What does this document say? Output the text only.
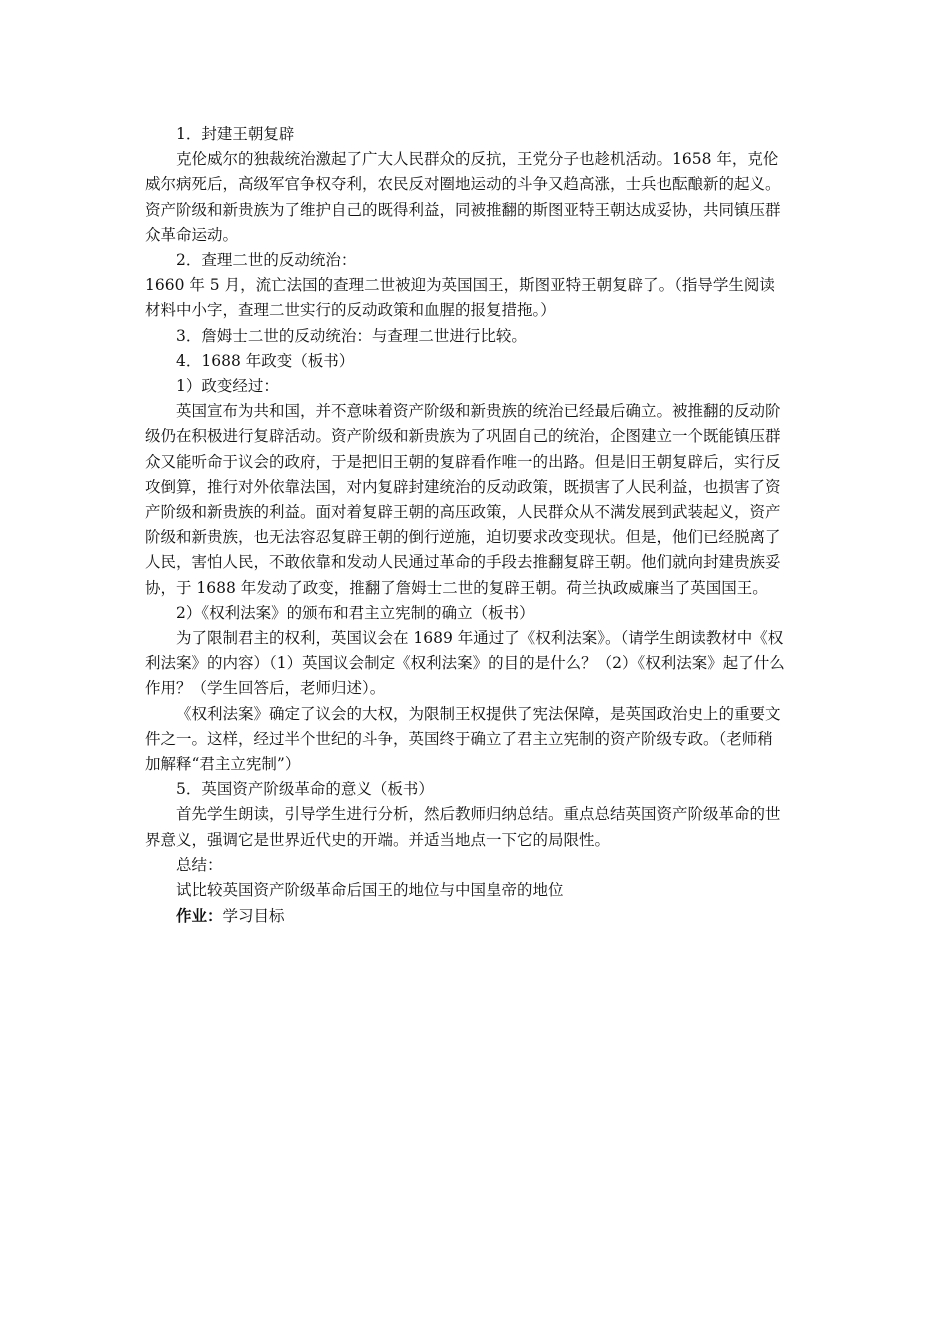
1．封建王朝复辟

克伦威尔的独裁统治激起了广大人民群众的反抗，王党分子也趁机活动。1658 年，克伦威尔病死后，高级军官争权夺利，农民反对圈地运动的斗争又趋高涨，士兵也酝酿新的起义。资产阶级和新贵族为了维护自己的既得利益，同被推翻的斯图亚特王朝达成妥协，共同镇压群众革命运动。

2．查理二世的反动统治：

1660 年 5 月，流亡法国的查理二世被迎为英国国王，斯图亚特王朝复辟了。（指导学生阅读材料中小字，查理二世实行的反动政策和血腥的报复措拖。）

3．詹姆士二世的反动统治：与查理二世进行比较。

4．1688 年政变（板书）

1）政变经过：

英国宣布为共和国，并不意味着资产阶级和新贵族的统治已经最后确立。被推翻的反动阶级仍在积极进行复辟活动。资产阶级和新贵族为了巩固自己的统治，企图建立一个既能镇压群众又能听命于议会的政府，于是把旧王朝的复辟看作唯一的出路。但是旧王朝复辟后，实行反攻倒算，推行对外依靠法国，对内复辟封建统治的反动政策，既损害了人民利益，也损害了资产阶级和新贵族的利益。面对着复辟王朝的高压政策，人民群众从不满发展到武装起义，资产阶级和新贵族，也无法容忍复辟王朝的倒行逆施，迫切要求改变现状。但是，他们已经脱离了人民，害怕人民，不敢依靠和发动人民通过革命的手段去推翻复辟王朝。他们就向封建贵族妥协，于 1688 年发动了政变，推翻了詹姆士二世的复辟王朝。荷兰执政威廉当了英国国王。

2）《权利法案》的颁布和君主立宪制的确立（板书）

为了限制君主的权利，英国议会在 1689 年通过了《权利法案》。（请学生朗读教材中《权利法案》的内容）（1）英国议会制定《权利法案》的目的是什么？（2）《权利法案》起了什么作用？（学生回答后，老师归述）。

《权利法案》确定了议会的大权，为限制王权提供了宪法保障，是英国政治史上的重要文件之一。这样，经过半个世纪的斗争，英国终于确立了君主立宪制的资产阶级专政。（老师稍加解释“君主立宪制”）

5．英国资产阶级革命的意义（板书）

首先学生朗读，引导学生进行分析，然后教师归纳总结。重点总结英国资产阶级革命的世界意义，强调它是世界近代史的开端。并适当地点一下它的局限性。

总结：

试比较英国资产阶级革命后国王的地位与中国皇帝的地位

作业：学习目标
